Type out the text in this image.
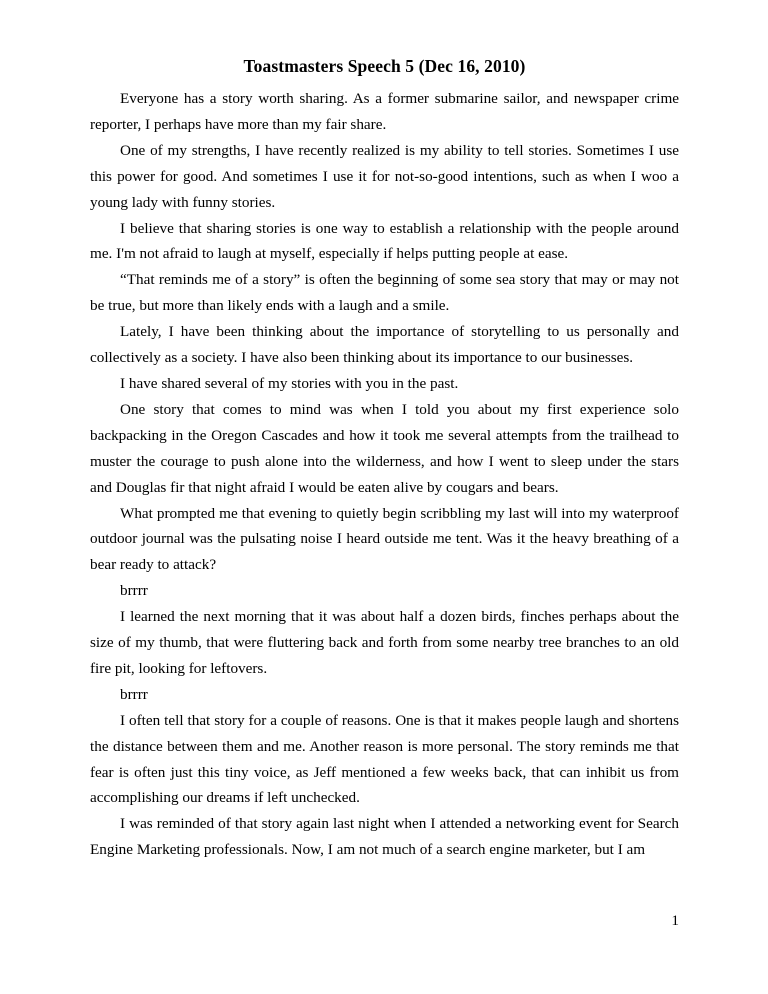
Toastmasters Speech 5 (Dec 16, 2010)

Everyone has a story worth sharing. As a former submarine sailor, and newspaper crime reporter, I perhaps have more than my fair share.

One of my strengths, I have recently realized is my ability to tell stories. Sometimes I use this power for good. And sometimes I use it for not-so-good intentions, such as when I woo a young lady with funny stories.

I believe that sharing stories is one way to establish a relationship with the people around me. I'm not afraid to laugh at myself, especially if helps putting people at ease.

“That reminds me of a story” is often the beginning of some sea story that may or may not be true, but more than likely ends with a laugh and a smile.

Lately, I have been thinking about the importance of storytelling to us personally and collectively as a society. I have also been thinking about its importance to our businesses.

I have shared several of my stories with you in the past.

One story that comes to mind was when I told you about my first experience solo backpacking in the Oregon Cascades and how it took me several attempts from the trailhead to muster the courage to push alone into the wilderness, and how I went to sleep under the stars and Douglas fir that night afraid I would be eaten alive by cougars and bears.

What prompted me that evening to quietly begin scribbling my last will into my waterproof outdoor journal was the pulsating noise I heard outside me tent. Was it the heavy breathing of a bear ready to attack?

brrrr

I learned the next morning that it was about half a dozen birds, finches perhaps about the size of my thumb, that were fluttering back and forth from some nearby tree branches to an old fire pit, looking for leftovers.

brrrr

I often tell that story for a couple of reasons. One is that it makes people laugh and shortens the distance between them and me. Another reason is more personal. The story reminds me that fear is often just this tiny voice, as Jeff mentioned a few weeks back, that can inhibit us from accomplishing our dreams if left unchecked.

I was reminded of that story again last night when I attended a networking event for Search Engine Marketing professionals. Now, I am not much of a search engine marketer, but I am

1
